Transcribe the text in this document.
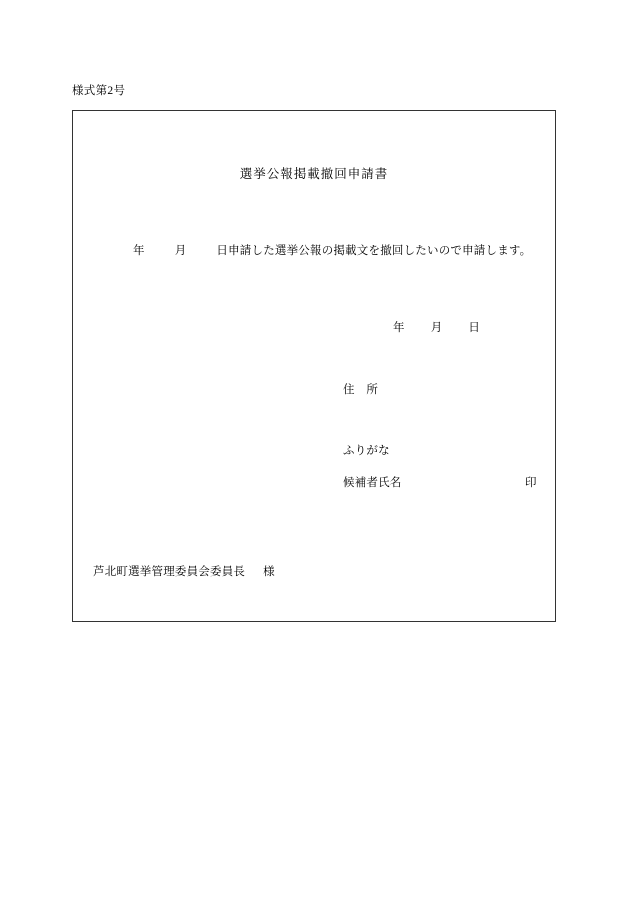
様式第2号
選挙公報掲載撤回申請書
年	月	日申請した選挙公報の掲載文を撤回したいので申請します。
年 月 日
住　所
ふりがな
候補者氏名	印
芦北町選挙管理委員会委員長 様
